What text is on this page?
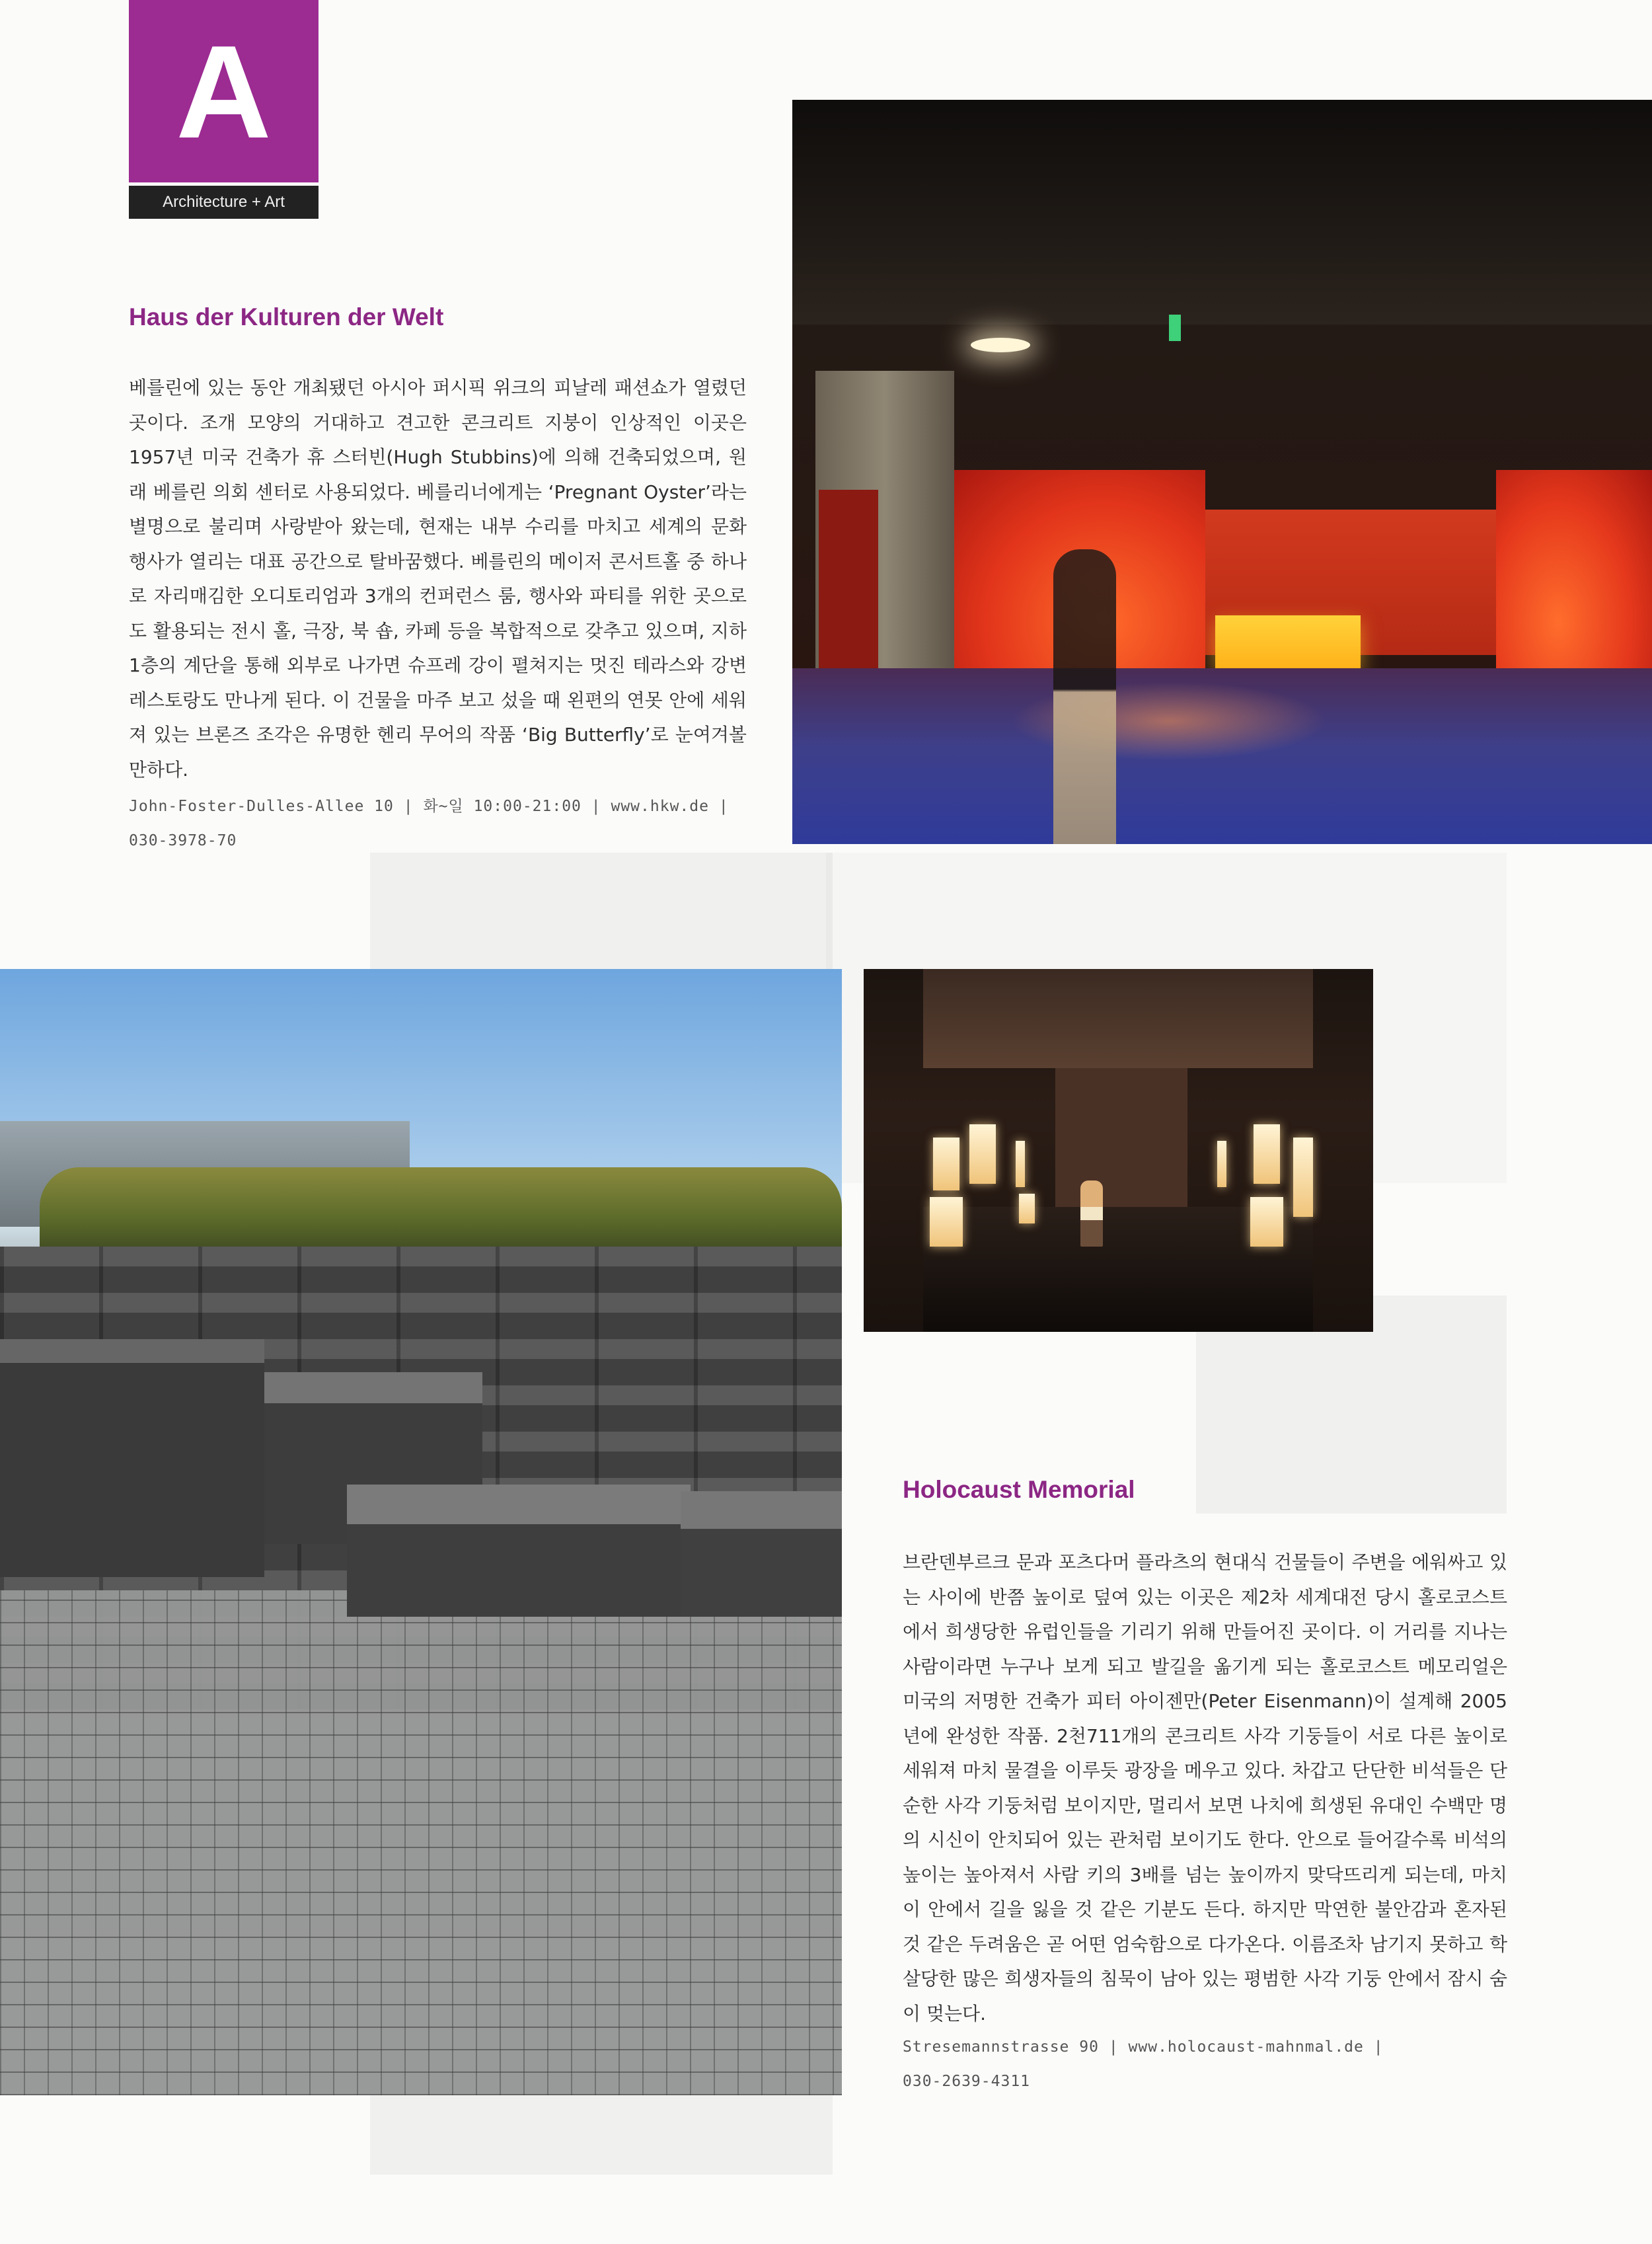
A
Architecture + Art
Haus der Kulturen der Welt
베를린에 있는 동안 개최됐던 아시아 퍼시픽 위크의 피날레 패션쇼가 열렸던 곳이다. 조개 모양의 거대하고 견고한 콘크리트 지붕이 인상적인 이곳은 1957년 미국 건축가 휴 스터빈(Hugh Stubbins)에 의해 건축되었으며, 원래 베를린 의회 센터로 사용되었다. 베를리너에게는 ‘Pregnant Oyster’라는 별명으로 불리며 사랑받아 왔는데, 현재는 내부 수리를 마치고 세계의 문화 행사가 열리는 대표 공간으로 탈바꿈했다. 베를린의 메이저 콘서트홀 중 하나로 자리매김한 오디토리엄과 3개의 컨퍼런스 룸, 행사와 파티를 위한 곳으로도 활용되는 전시 홀, 극장, 북 숍, 카페 등을 복합적으로 갖추고 있으며, 지하 1층의 계단을 통해 외부로 나가면 슈프레 강이 펼쳐지는 멋진 테라스와 강변 레스토랑도 만나게 된다. 이 건물을 마주 보고 섰을 때 왼편의 연못 안에 세워져 있는 브론즈 조각은 유명한 헨리 무어의 작품 ‘Big Butterfly’로 눈여겨볼 만하다.
John-Foster-Dulles-Allee 10 | 화~일 10:00-21:00 | www.hkw.de |
030-3978-70
Holocaust Memorial
브란덴부르크 문과 포츠다머 플라츠의 현대식 건물들이 주변을 에워싸고 있는 사이에 반쯤 높이로 덮여 있는 이곳은 제2차 세계대전 당시 홀로코스트에서 희생당한 유럽인들을 기리기 위해 만들어진 곳이다. 이 거리를 지나는 사람이라면 누구나 보게 되고 발길을 옮기게 되는 홀로코스트 메모리얼은 미국의 저명한 건축가 피터 아이젠만(Peter Eisenmann)이 설계해 2005년에 완성한 작품. 2천711개의 콘크리트 사각 기둥들이 서로 다른 높이로 세워져 마치 물결을 이루듯 광장을 메우고 있다. 차갑고 단단한 비석들은 단순한 사각 기둥처럼 보이지만, 멀리서 보면 나치에 희생된 유대인 수백만 명의 시신이 안치되어 있는 관처럼 보이기도 한다. 안으로 들어갈수록 비석의 높이는 높아져서 사람 키의 3배를 넘는 높이까지 맞닥뜨리게 되는데, 마치 이 안에서 길을 잃을 것 같은 기분도 든다. 하지만 막연한 불안감과 혼자된 것 같은 두려움은 곧 어떤 엄숙함으로 다가온다. 이름조차 남기지 못하고 학살당한 많은 희생자들의 침묵이 남아 있는 평범한 사각 기둥 안에서 잠시 숨이 멎는다.
Stresemannstrasse 90 | www.holocaust-mahnmal.de |
030-2639-4311
